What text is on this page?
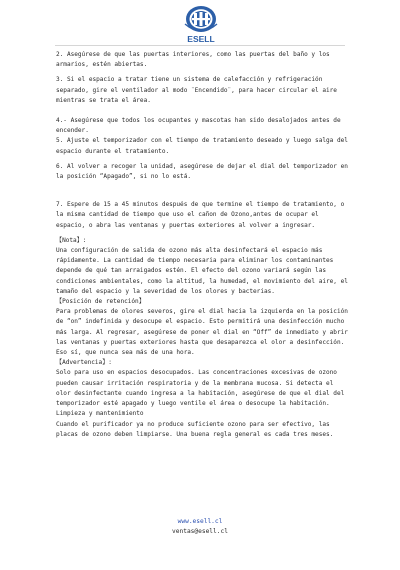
ESELL

2. Asegúrese de que las puertas interiores, como las puertas del baño y los armarios, estén abiertas.

3. Si el espacio a tratar tiene un sistema de calefacción y refrigeración separado, gire el ventilador al modo ¨Encendido¨, para hacer circular el aire mientras se trata el área.

4.- Asegúrese que todos los ocupantes y mascotas han sido desalojados antes de encender.

5. Ajuste el temporizador con el tiempo de tratamiento deseado y luego salga del espacio durante el tratamiento.

6. Al volver a recoger la unidad, asegúrese de dejar el dial del temporizador en la posición “Apagado”, si no lo está.

7. Espere de 15 a 45 minutos después de que termine el tiempo de tratamiento, o la misma cantidad de tiempo que uso el cañon de Ozono,antes de ocupar el espacio, o abra las ventanas y puertas exteriores al volver a ingresar.

【Nota】:

Una configuración de salida de ozono más alta desinfectará el espacio más rápidamente. La cantidad de tiempo necesaria para eliminar los contaminantes depende de qué tan arraigados estén. El efecto del ozono variará según las condiciones ambientales, como la altitud, la humedad, el movimiento del aire, el tamaño del espacio y la severidad de los olores y bacterias.

【Posición de retención】

Para problemas de olores severos, gire el dial hacia la izquierda en la posición de “on” indefinida y desocupe el espacio. Esto permitirá una desinfección mucho más larga. Al regresar, asegúrese de poner el dial en “Off” de inmediato y abrir las ventanas y puertas exteriores hasta que desaparezca el olor a desinfección. Eso sí, que nunca sea más de una hora.

【Advertencia】:

Solo para uso en espacios desocupados. Las concentraciones excesivas de ozono pueden causar irritación respiratoria y de la membrana mucosa. Si detecta el olor desinfectante cuando ingresa a la habitación, asegúrese de que el dial del temporizador esté apagado y luego ventile el área o desocupe la habitación.

Limpieza y mantenimiento

Cuando el purificador ya no produce suficiente ozono para ser efectivo, las placas de ozono deben limpiarse. Una buena regla general es cada tres meses.

www.esell.cl
ventas@esell.cl
